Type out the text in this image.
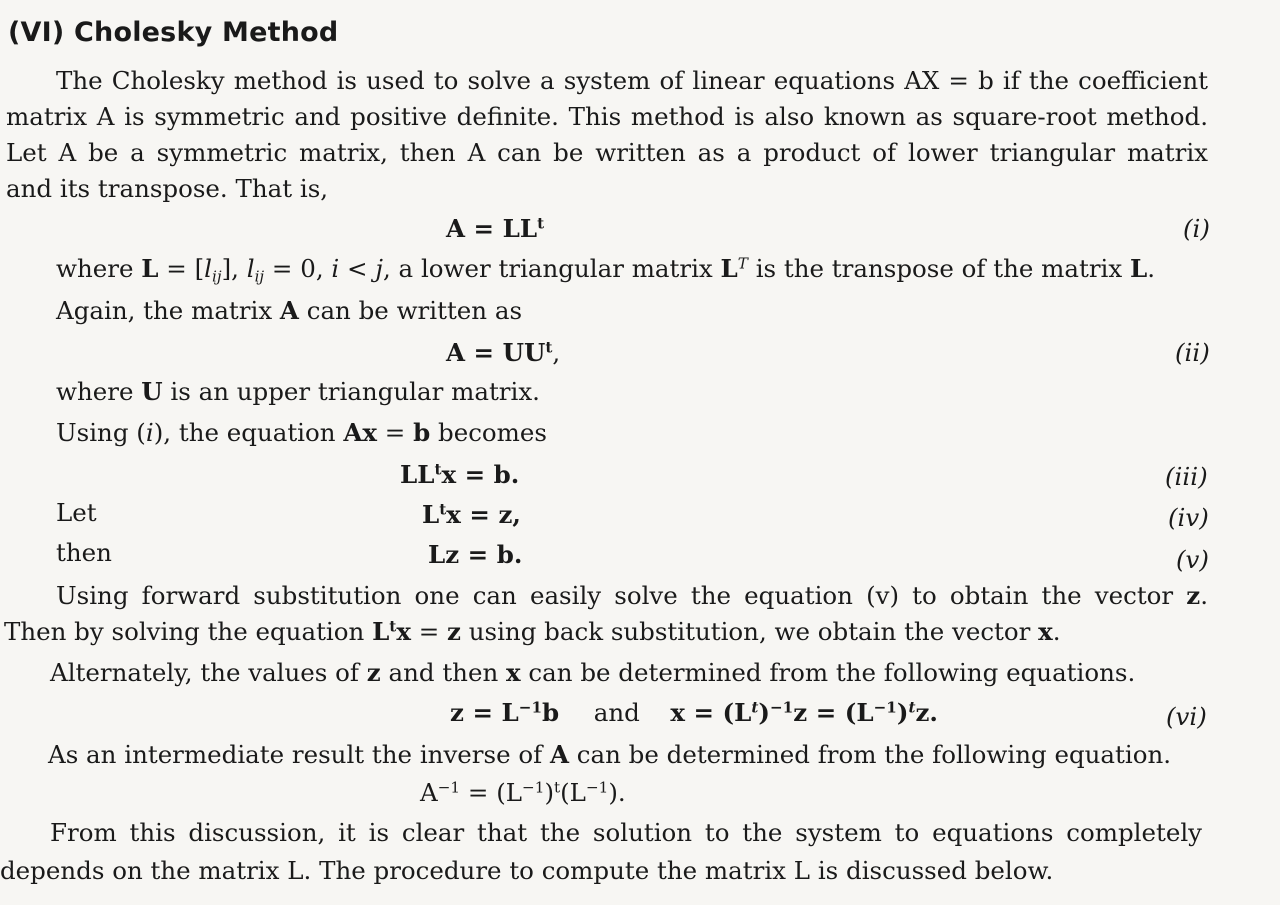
(VI) Cholesky Method
The Cholesky method is used to solve a system of linear equations AX = b if the coefficient
matrix A is symmetric and positive definite. This method is also known as square-root method.
Let A be a symmetric matrix, then A can be written as a product of lower triangular matrix
and its transpose. That is,
$A = LL^t$	(i)
where $L = [l_{ij}]$, $l_{ij} = 0$, i < j, a lower triangular matrix $L^T$ is the transpose of the matrix L.
Again, the matrix A can be written as
$A = UU^t$,	(ii)
where U is an upper triangular matrix.
Using (i), the equation Ax = b becomes
$LL^tx = b$.	(iii)
Let	$L^tx = z$,	(iv)
then	Lz = b.	(v)
Using forward substitution one can easily solve the equation (v) to obtain the vector z.
Then by solving the equation $L^tx = z$ using back substitution, we obtain the vector x.
Alternately, the values of z and then x can be determined from the following equations.
$z = L^{-1}b$ and $x = (L^t)^{-1}z = (L^{-1})^tz$.	(vi)
As an intermediate result the inverse of A can be determined from the following equation.
$A^{-1} = (L^{-1})^t(L^{-1})$.
From this discussion, it is clear that the solution to the system to equations completely
depends on the matrix L. The procedure to compute the matrix L is discussed below.
